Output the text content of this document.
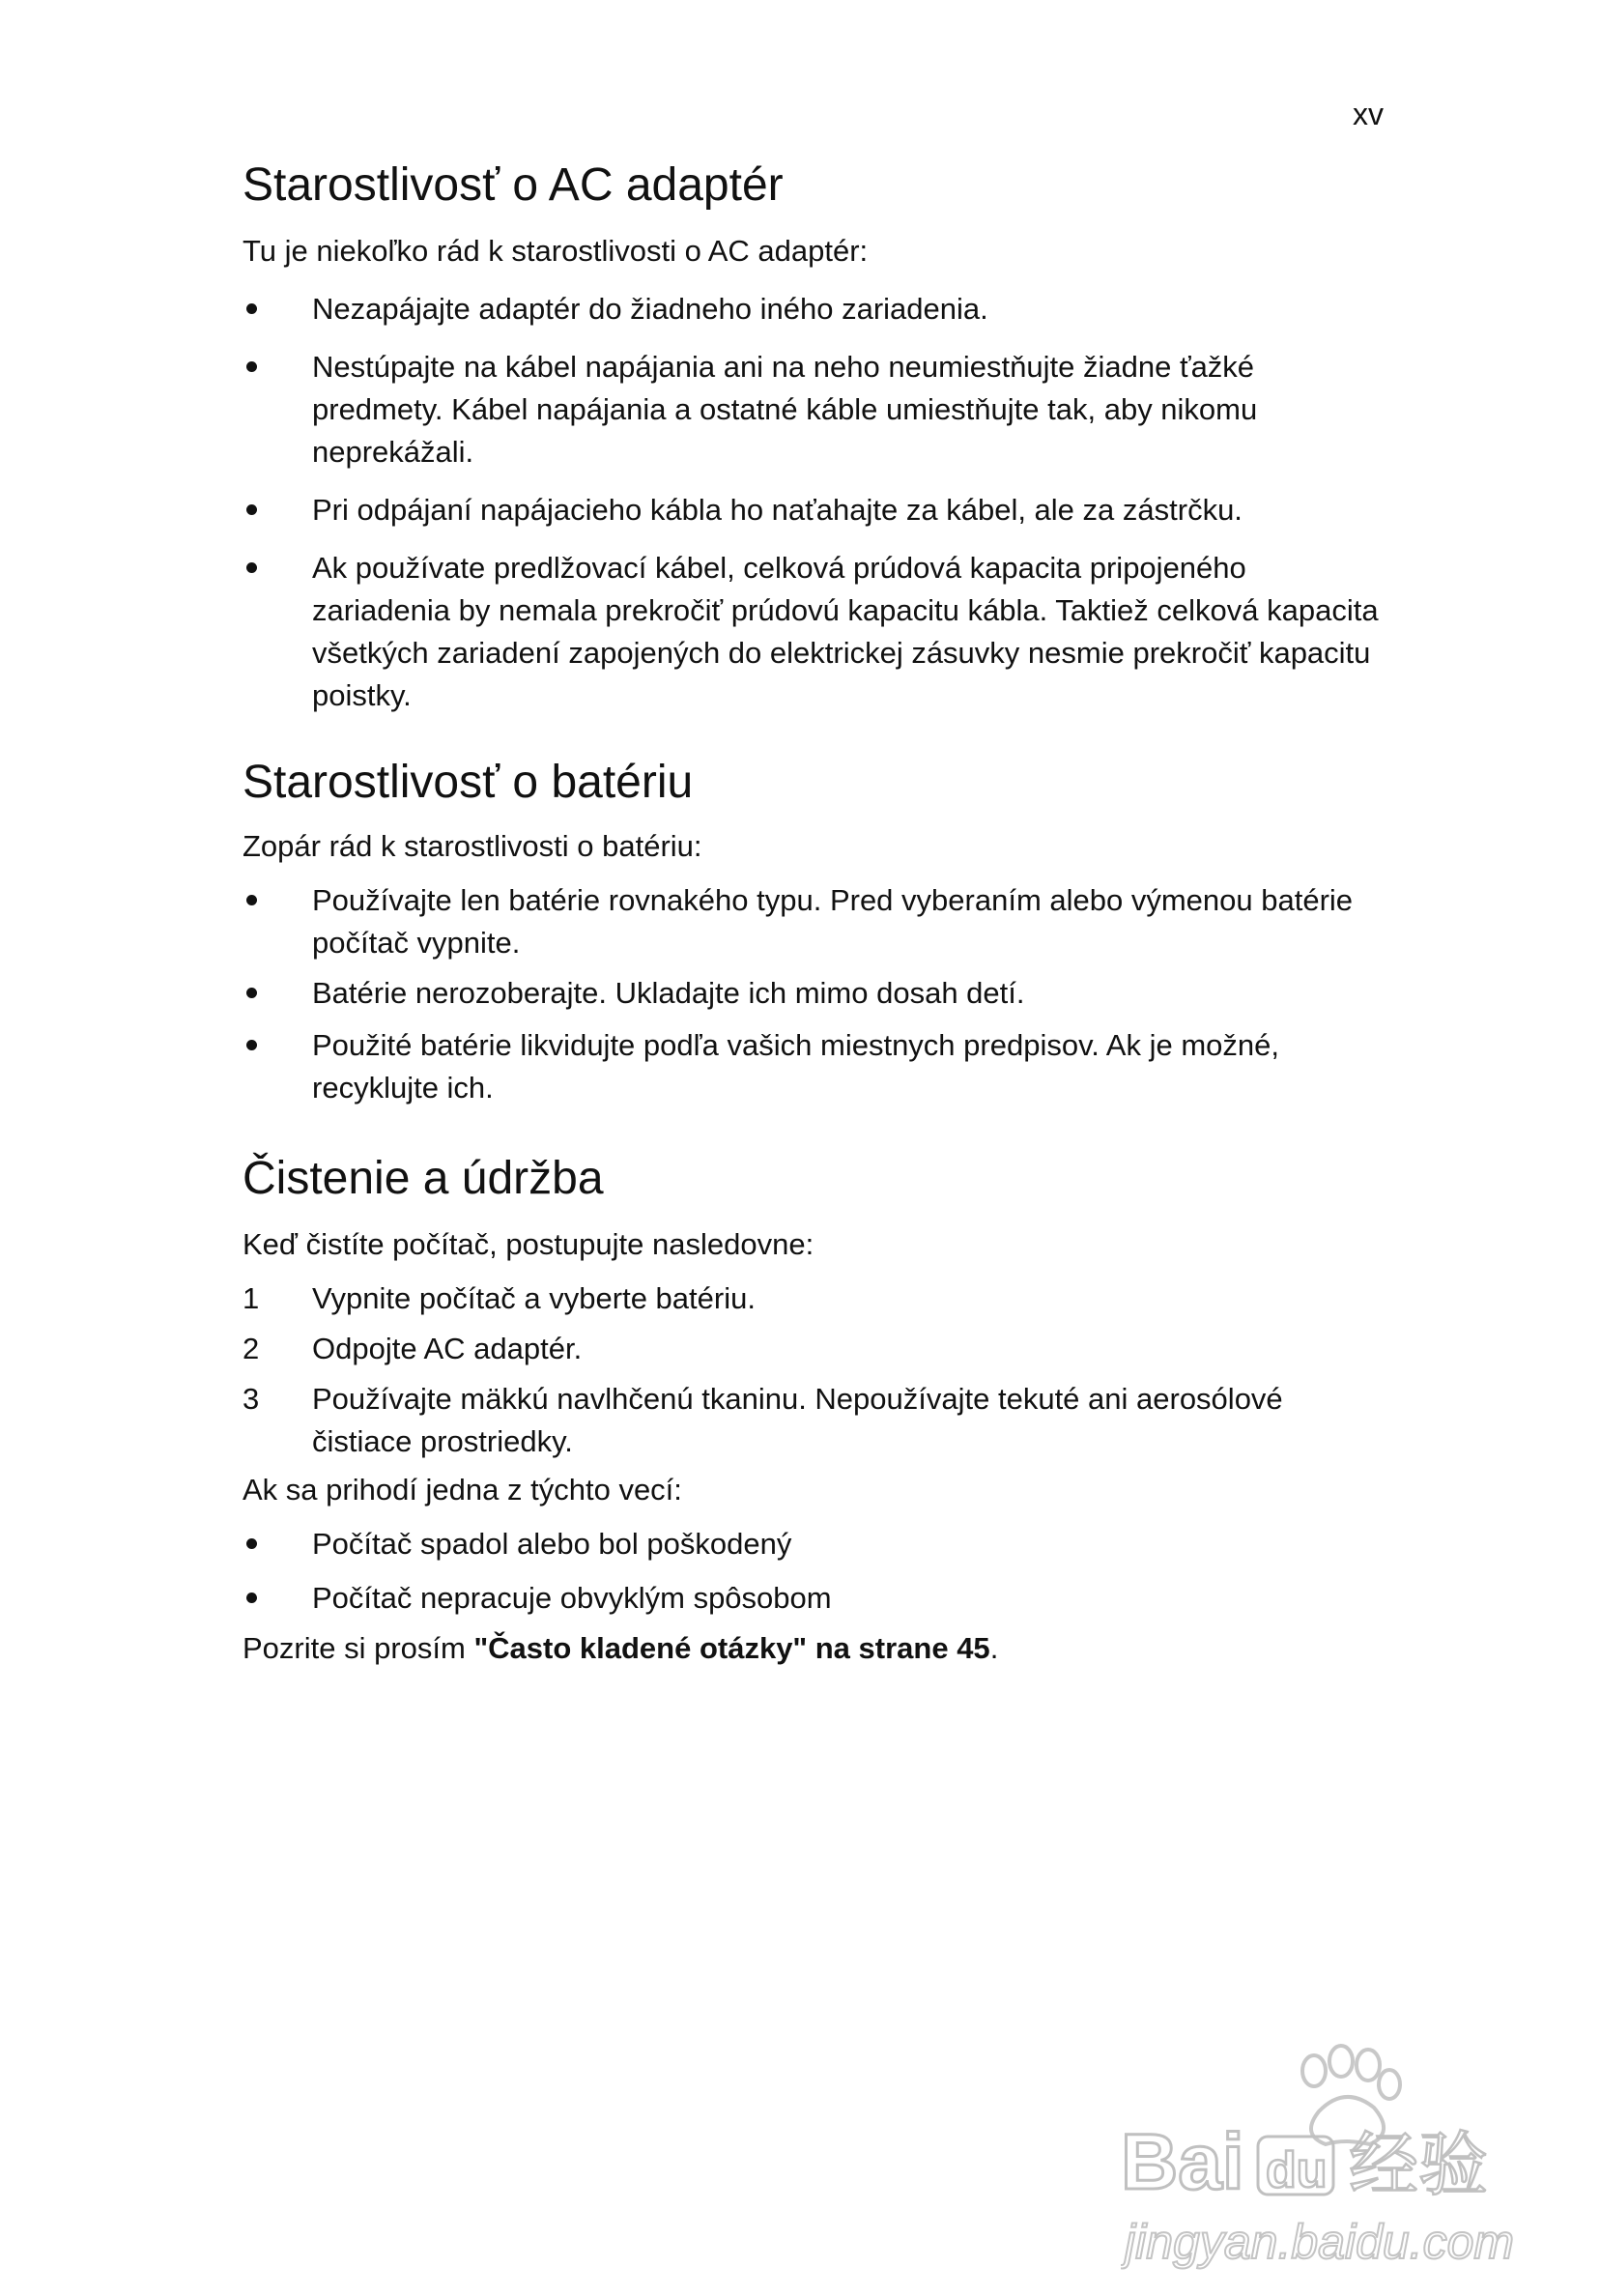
xv
Starostlivosť o AC adaptér

Tu je niekoľko rád k starostlivosti o AC adaptér:

Nezapájajte adaptér do žiadneho iného zariadenia.
Nestúpajte na kábel napájania ani na neho neumiestňujte žiadne ťažké predmety. Kábel napájania a ostatné káble umiestňujte tak, aby nikomu neprekážali.
Pri odpájaní napájacieho kábla ho naťahajte za kábel, ale za zástrčku.
Ak používate predlžovací kábel, celková prúdová kapacita pripojeného zariadenia by nemala prekročiť prúdovú kapacitu kábla. Taktiež celková kapacita všetkých zariadení zapojených do elektrickej zásuvky nesmie prekročiť kapacitu poistky.
Starostlivosť o batériu

Zopár rád k starostlivosti o batériu:

Používajte len batérie rovnakého typu. Pred vyberaním alebo výmenou batérie počítač vypnite.
Batérie nerozoberajte. Ukladajte ich mimo dosah detí.
Použité batérie likvidujte podľa vašich miestnych predpisov. Ak je možné, recyklujte ich.
Čistenie a údržba

Keď čistíte počítač, postupujte nasledovne:

1	Vypnite počítač a vyberte batériu.
2	Odpojte AC adaptér.
3	Používajte mäkkú navlhčenú tkaninu. Nepoužívajte tekuté ani aerosólové čistiace prostriedky.

Ak sa prihodí jedna z týchto vecí:

Počítač spadol alebo bol poškodený
Počítač nepracuje obvyklým spôsobom

Pozrite si prosím "Často kladené otázky" na strane 45.

Bai du 经验
jingyan.baidu.com
